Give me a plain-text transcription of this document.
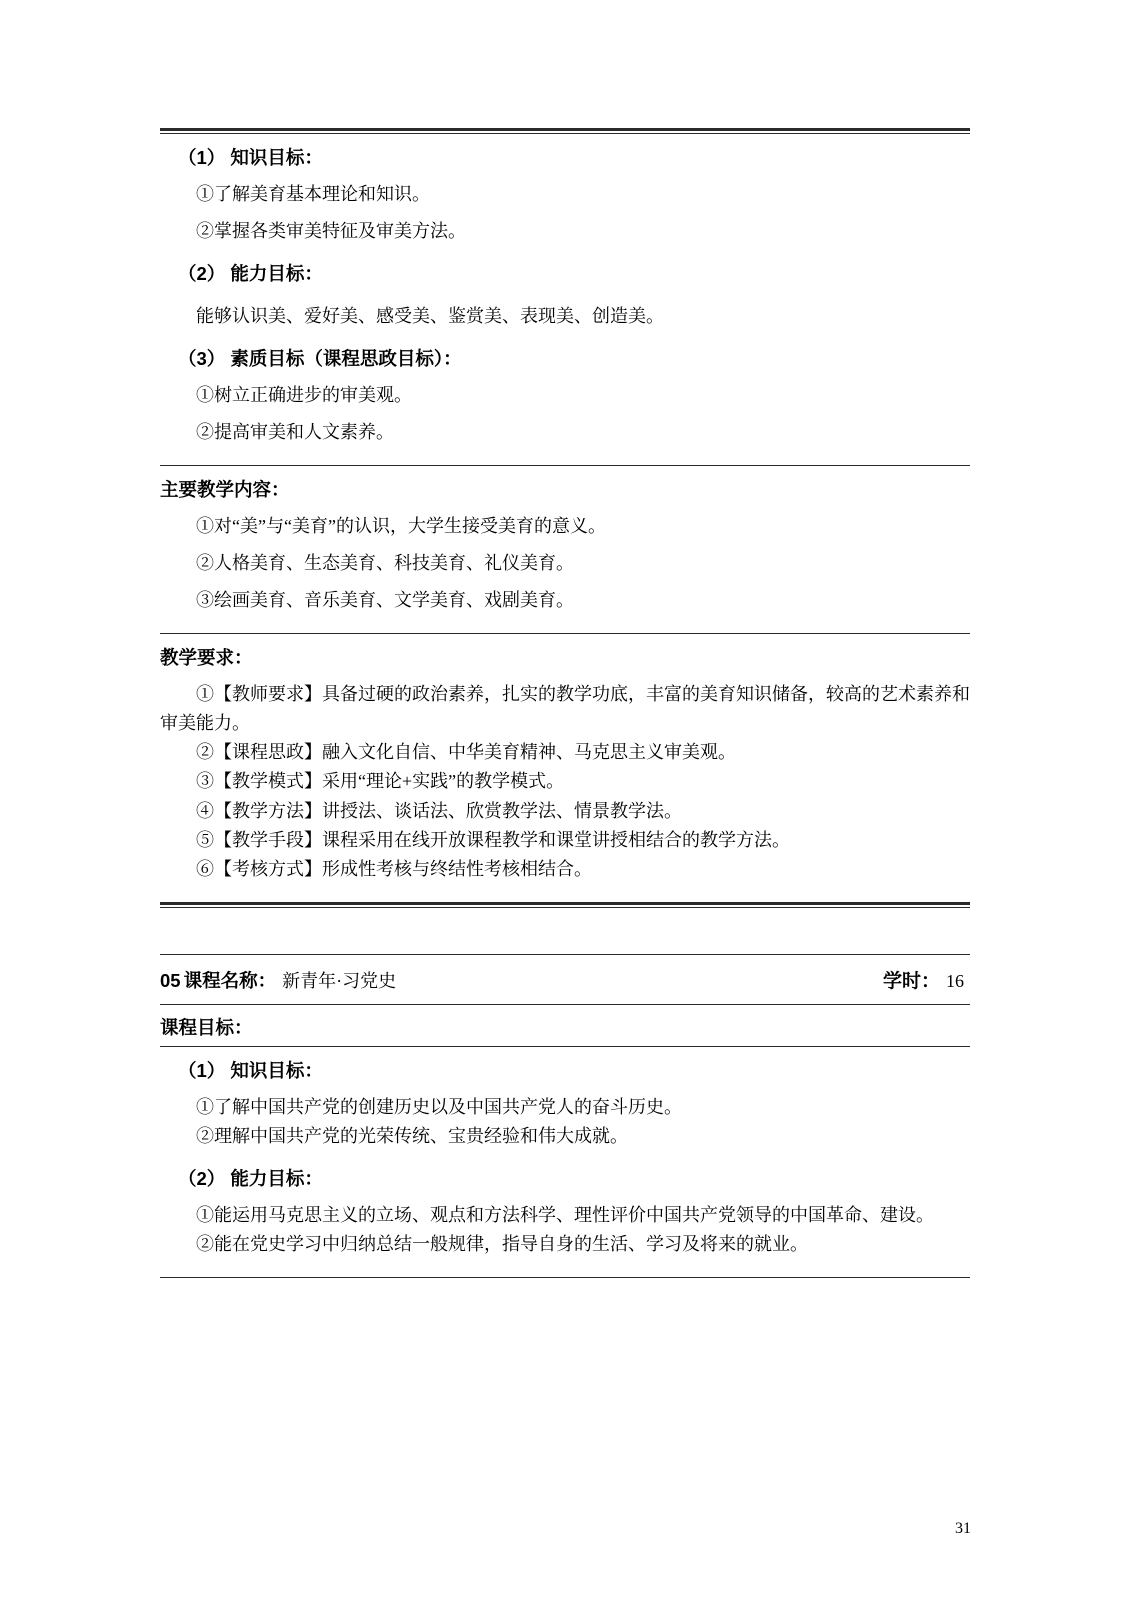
（1） 知识目标：
①了解美育基本理论和知识。
②掌握各类审美特征及审美方法。
（2） 能力目标：
能够认识美、爱好美、感受美、鉴赏美、表现美、创造美。
（3） 素质目标（课程思政目标）：
①树立正确进步的审美观。
②提高审美和人文素养。
主要教学内容：
①对“美”与“美育”的认识，大学生接受美育的意义。
②人格美育、生态美育、科技美育、礼仪美育。
③绘画美育、音乐美育、文学美育、戏剧美育。
教学要求：
①【教师要求】具备过硬的政治素养，扎实的教学功底，丰富的美育知识储备，较高的艺术素养和审美能力。
②【课程思政】融入文化自信、中华美育精神、马克思主义审美观。
③【教学模式】采用“理论+实践”的教学模式。
④【教学方法】讲授法、谈话法、欣赏教学法、情景教学法。
⑤【教学手段】课程采用在线开放课程教学和课堂讲授相结合的教学方法。
⑥【考核方式】形成性考核与终结性考核相结合。
05 课程名称： 新青年·习党史	学时： 16
课程目标：
（1） 知识目标：
①了解中国共产党的创建历史以及中国共产党人的奋斗历史。
②理解中国共产党的光荣传统、宝贵经验和伟大成就。
（2） 能力目标：
①能运用马克思主义的立场、观点和方法科学、理性评价中国共产党领导的中国革命、建设。
②能在党史学习中归纳总结一般规律，指导自身的生活、学习及将来的就业。
31
